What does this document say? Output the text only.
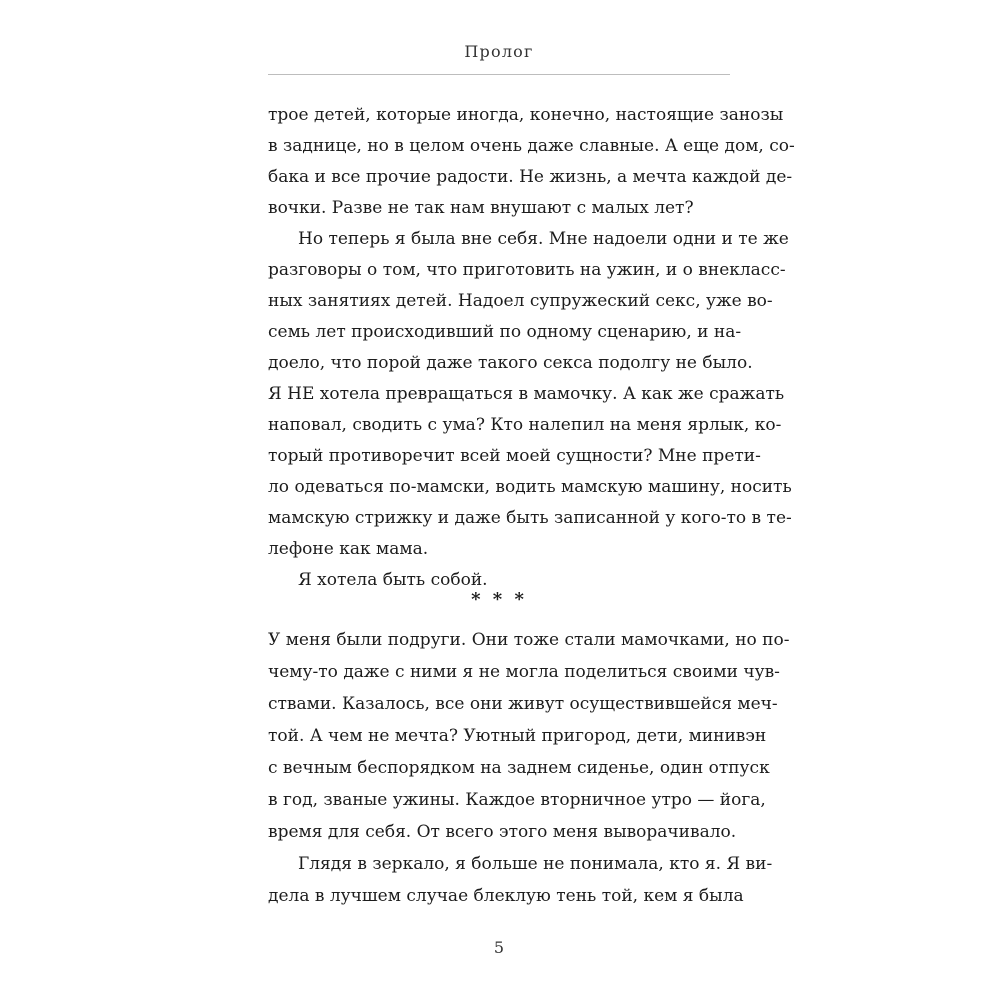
Пролог
трое детей, которые иногда, конечно, настоящие занозы
в заднице, но в целом очень даже славные. А еще дом, со-
бака и все прочие радости. Не жизнь, а мечта каждой де-
вочки. Разве не так нам внушают с малых лет?
Но теперь я была вне себя. Мне надоели одни и те же
разговоры о том, что приготовить на ужин, и о внекласс-
ных занятиях детей. Надоел супружеский секс, уже во-
семь лет происходивший по одному сценарию, и на-
доело, что порой даже такого секса подолгу не было.
Я НЕ хотела превращаться в мамочку. А как же сражать
наповал, сводить с ума? Кто налепил на меня ярлык, ко-
торый противоречит всей моей сущности? Мне прети-
ло одеваться по-мамски, водить мамскую машину, носить
мамскую стрижку и даже быть записанной у кого-то в те-
лефоне как мама.
Я хотела быть собой.
* * *
У меня были подруги. Они тоже стали мамочками, но по-
чему-то даже с ними я не могла поделиться своими чув-
ствами. Казалось, все они живут осуществившейся меч-
той. А чем не мечта? Уютный пригород, дети, минивэн
с вечным беспорядком на заднем сиденье, один отпуск
в год, званые ужины. Каждое вторничное утро — йога,
время для себя. От всего этого меня выворачивало.
Глядя в зеркало, я больше не понимала, кто я. Я ви-
дела в лучшем случае блеклую тень той, кем я была
5
